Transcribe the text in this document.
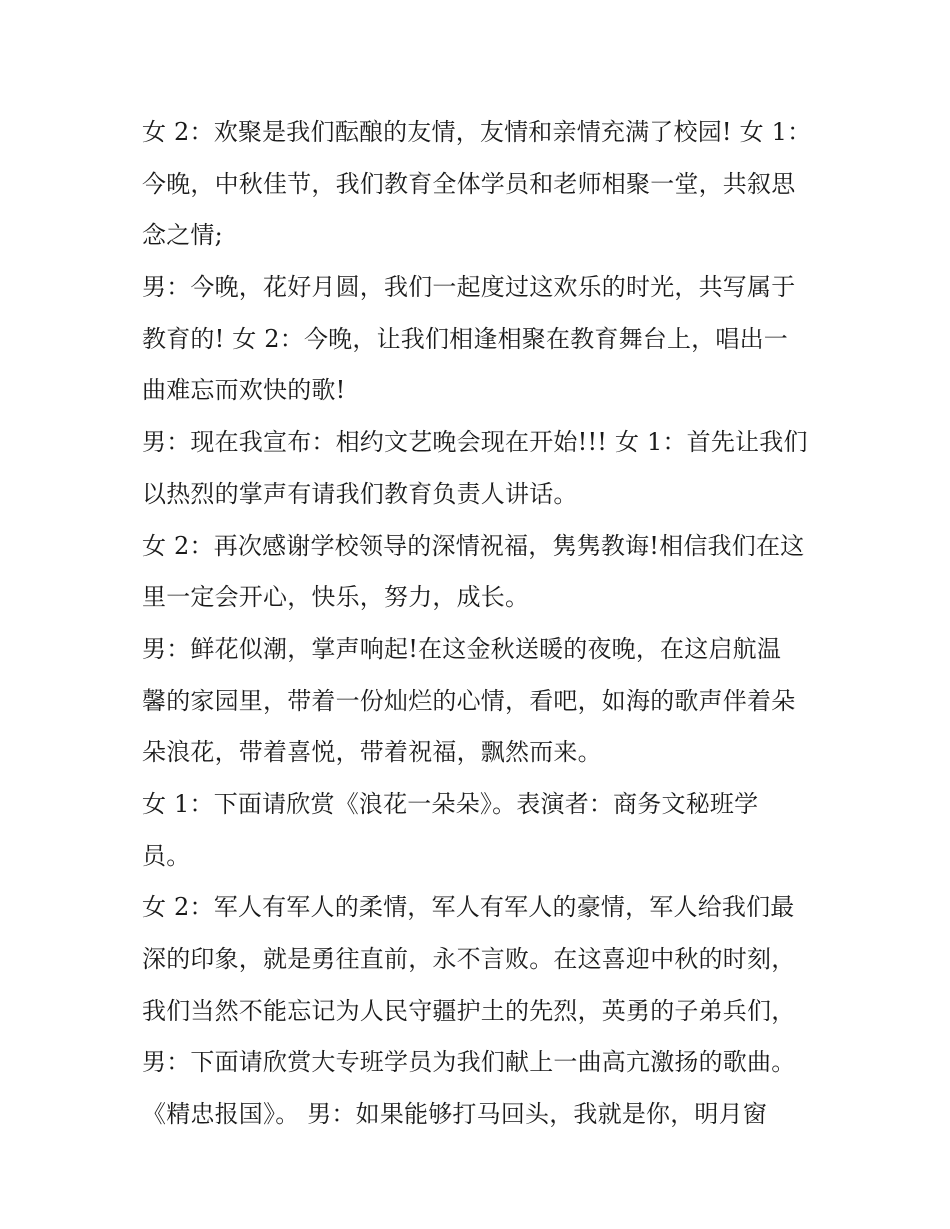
女 2：欢聚是我们酝酿的友情，友情和亲情充满了校园! 女 1：
今晚，中秋佳节，我们教育全体学员和老师相聚一堂，共叙思
念之情;
男：今晚，花好月圆，我们一起度过这欢乐的时光，共写属于
教育的! 女 2：今晚，让我们相逢相聚在教育舞台上，唱出一
曲难忘而欢快的歌!
男：现在我宣布：相约文艺晚会现在开始!!! 女 1：首先让我们
以热烈的掌声有请我们教育负责人讲话。
女 2：再次感谢学校领导的深情祝福，隽隽教诲!相信我们在这
里一定会开心，快乐，努力，成长。
男：鲜花似潮，掌声响起!在这金秋送暖的夜晚，在这启航温
馨的家园里，带着一份灿烂的心情，看吧，如海的歌声伴着朵
朵浪花，带着喜悦，带着祝福，飘然而来。
女 1：下面请欣赏《浪花一朵朵》。表演者：商务文秘班学
员。
女 2：军人有军人的柔情，军人有军人的豪情，军人给我们最
深的印象，就是勇往直前，永不言败。在这喜迎中秋的时刻，
我们当然不能忘记为人民守疆护土的先烈，英勇的子弟兵们，
男：下面请欣赏大专班学员为我们献上一曲高亢激扬的歌曲。
《精忠报国》。 男：如果能够打马回头，我就是你，明月窗
